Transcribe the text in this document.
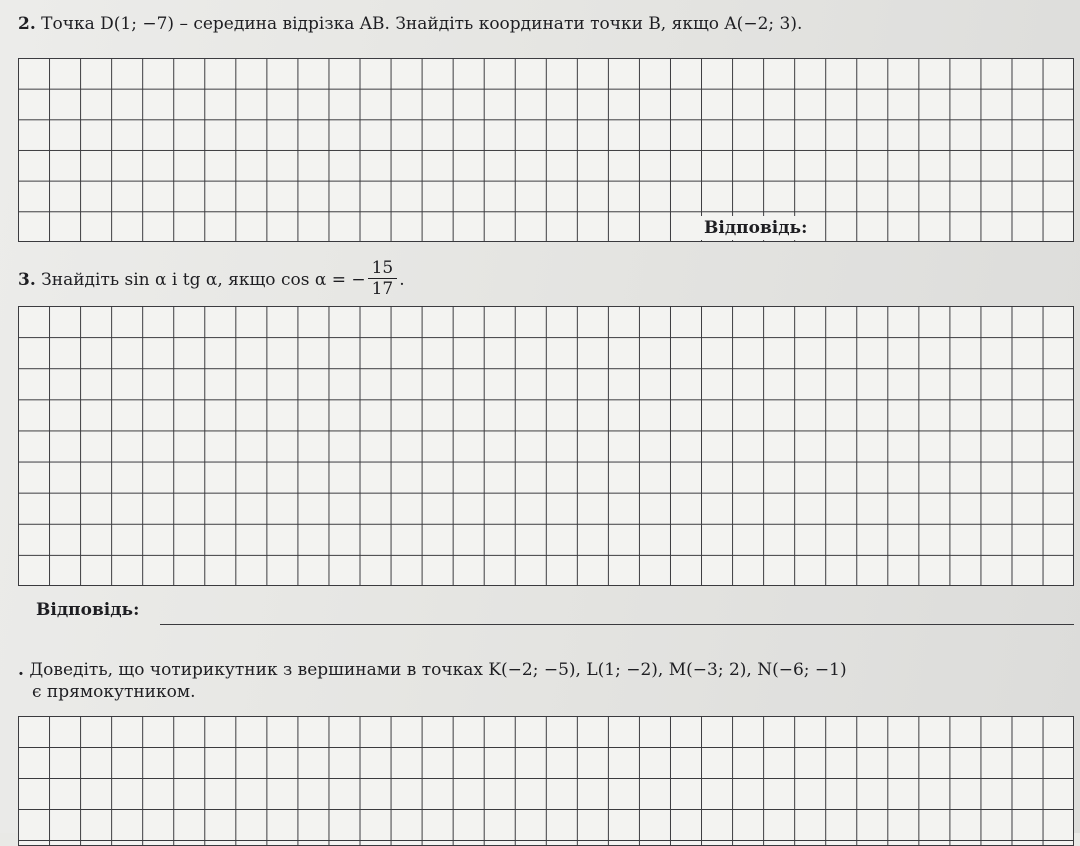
2. Точка D(1; −7) – середина відрізка AB. Знайдіть координати точки B, якщо A(−2; 3).
Відповідь:
3. Знайдіть sin α і tg α, якщо cos α = − $\frac{15}{17}$ .
Відповідь:
. Доведіть, що чотирикутник з вершинами в точках K(−2; −5), L(1; −2), M(−3; 2), N(−6; −1)
є прямокутником.
